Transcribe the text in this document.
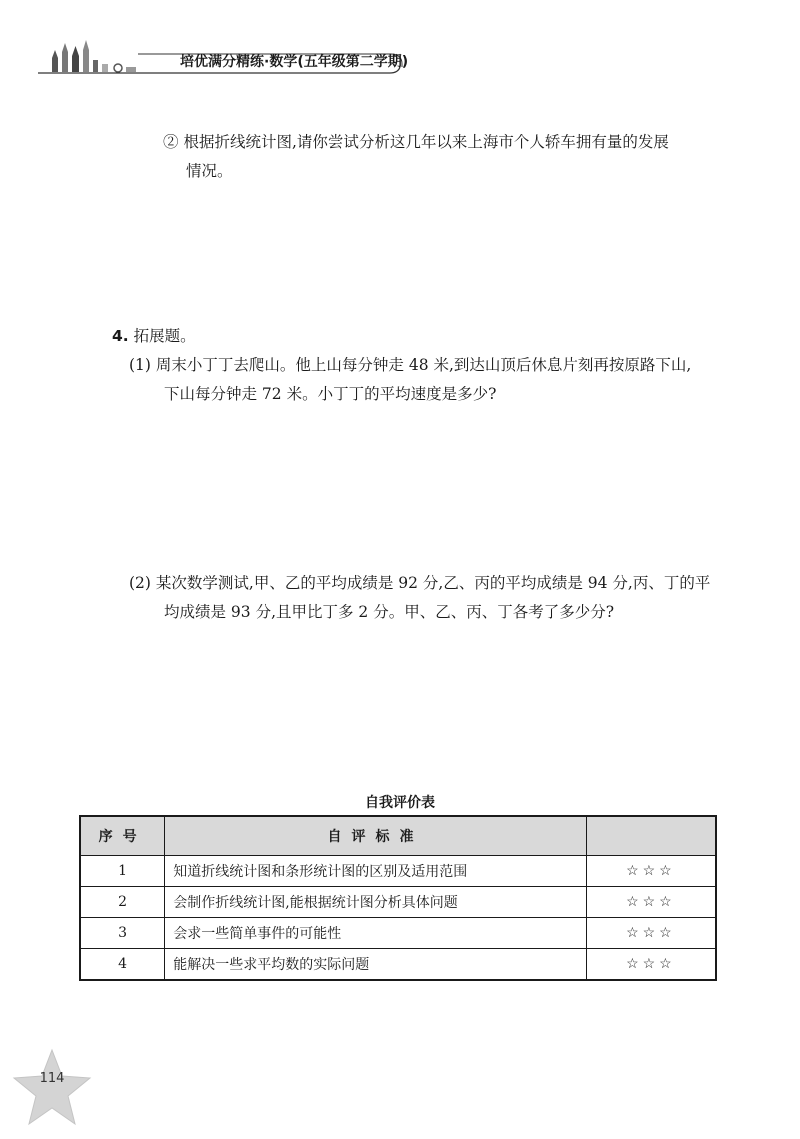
培优满分精练·数学(五年级第二学期)
② 根据折线统计图,请你尝试分析这几年以来上海市个人轿车拥有量的发展
情况。
4. 拓展题。
(1) 周末小丁丁去爬山。他上山每分钟走 48 米,到达山顶后休息片刻再按原路下山,
下山每分钟走 72 米。小丁丁的平均速度是多少?
(2) 某次数学测试,甲、乙的平均成绩是 92 分,乙、丙的平均成绩是 94 分,丙、丁的平
均成绩是 93 分,且甲比丁多 2 分。甲、乙、丙、丁各考了多少分?
自我评价表
序号	自评标准	
1	知道折线统计图和条形统计图的区别及适用范围	☆☆☆
2	会制作折线统计图,能根据统计图分析具体问题	☆☆☆
3	会求一些简单事件的可能性	☆☆☆
4	能解决一些求平均数的实际问题	☆☆☆
114
